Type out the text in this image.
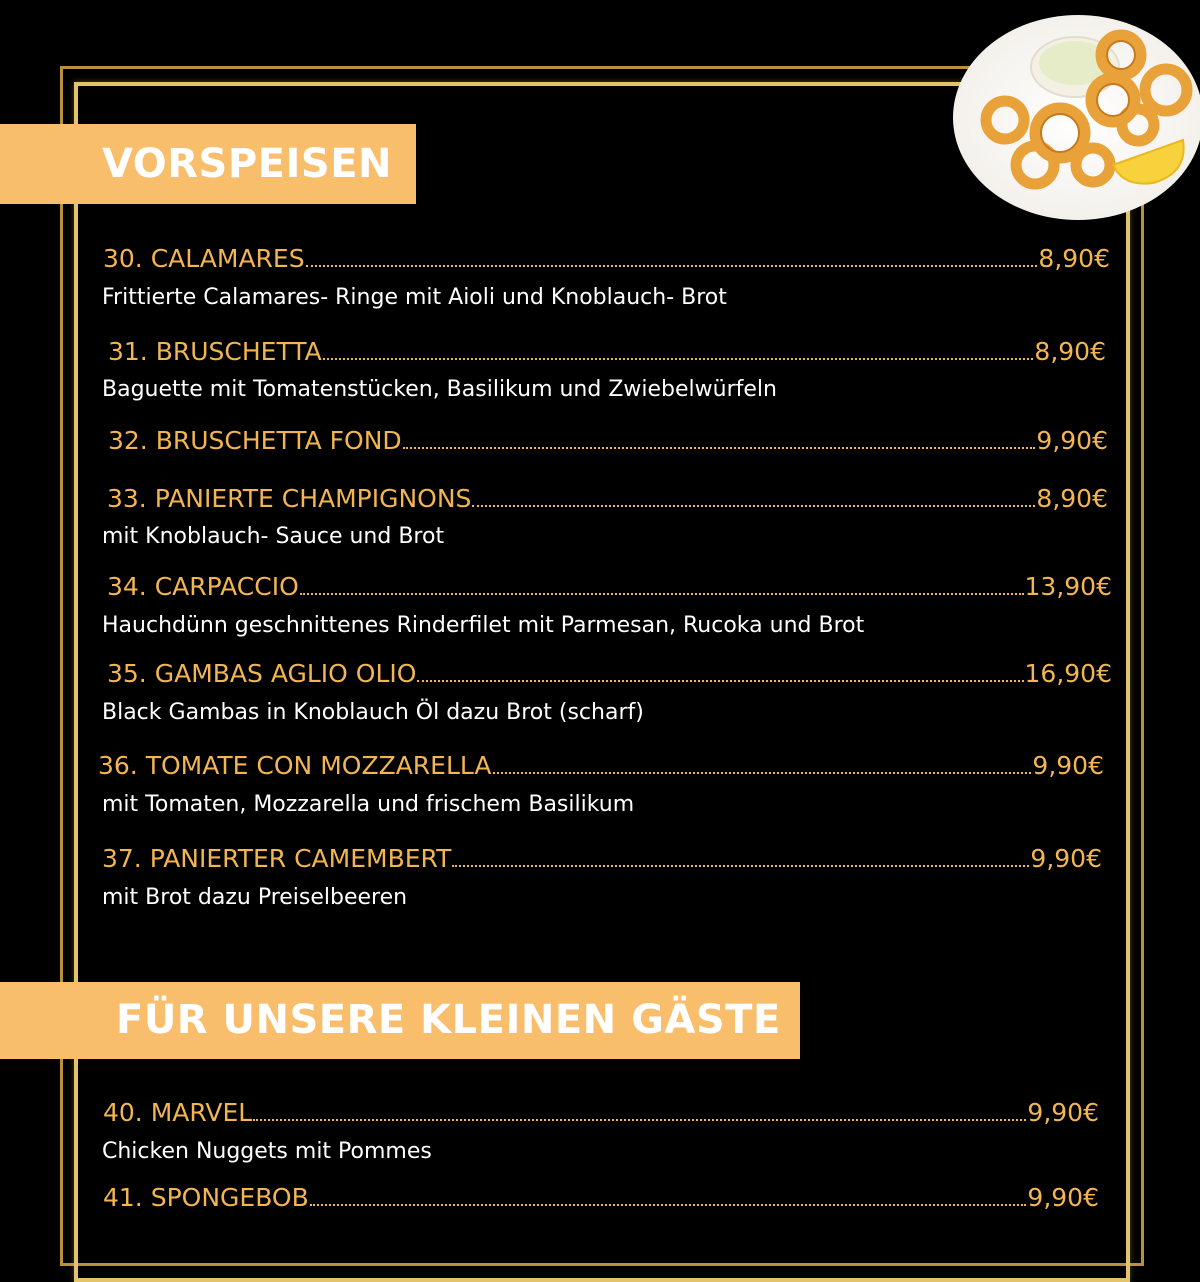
VORSPEISEN
30. CALAMARES	8,90€
Frittierte Calamares- Ringe mit Aioli und Knoblauch- Brot
31. BRUSCHETTA	8,90€
Baguette mit Tomatenstücken, Basilikum und Zwiebelwürfeln
32. BRUSCHETTA FOND	9,90€
33. PANIERTE CHAMPIGNONS	8,90€
mit Knoblauch- Sauce und Brot
34. CARPACCIO	13,90€
Hauchdünn geschnittenes Rinderfilet mit Parmesan, Rucoka und Brot
35. GAMBAS AGLIO OLIO	16,90€
Black Gambas in Knoblauch Öl dazu Brot (scharf)
36. TOMATE CON MOZZARELLA	9,90€
mit Tomaten, Mozzarella und frischem Basilikum
37. PANIERTER CAMEMBERT	9,90€
mit Brot dazu Preiselbeeren
FÜR UNSERE KLEINEN GÄSTE
40. MARVEL	9,90€
Chicken Nuggets mit Pommes
41. SPONGEBOB	9,90€
